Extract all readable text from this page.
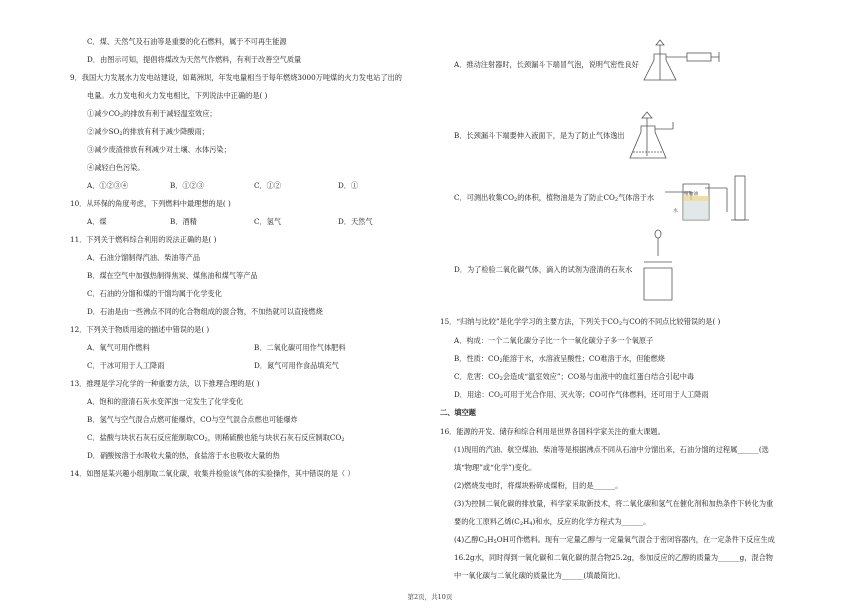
C．煤、天然气及石油等是重要的化石燃料，属于不可再生能源
D．由图示可知，提倡将煤改为天然气作燃料，有利于改善空气质量
9．我国大力发展水力发电站建设，如葛洲坝，年发电量相当于每年燃烧3000万吨煤的火力发电站了出的
电量。水力发电和火力发电相比，下列说法中正确的是( )
①减少$CO_2$的排放有利于减轻温室效应；
②减少$SO_2$的排放有利于减少降酸雨；
③减少废渣排放有利减少对土壤、水体污染；
④减轻白色污染。
A．①②③④	B．①②③	C．①②	D．①
10．从环保的角度考虑，下列燃料中最理想的是( )
A．煤	B．酒精	C．氢气	D．天然气
11．下列关于燃料综合利用的说法正确的是( )
A．石油分馏制得汽油、柴油等产品
B．煤在空气中加强热制得焦炭、煤焦油和煤气等产品
C．石油的分馏和煤的干馏均属于化学变化
D．石油是由一些沸点不同的化合物组成的混合物，不加热就可以直接燃烧
12．下列关于物质用途的描述中错误的是( )
A．氧气可用作燃料	B．二氧化碳可用作气体肥料
C．干冰可用于人工降雨	D．氮气可用作食品填充气
13．推理是学习化学的一种重要方法，以下推理合理的是( )
A．饱和的澄清石灰水变浑浊一定发生了化学变化
B．氢气与空气混合点燃可能爆炸，CO与空气混合点燃也可能爆炸
C．盐酸与块状石灰石反应能制取$CO_2$，则稀硫酸也能与块状石灰石反应制取$CO_2$
D．硝酸铵溶于水吸收大量的热，食盐溶于水也吸收大量的热
14．如图是某兴趣小组制取二氧化碳，收集并检验该气体的实验操作，其中错误的是（ ）
A．推动注射器时，长颈漏斗下端冒气泡，说明气密性良好
B．长颈漏斗下端要伸入液面下，是为了防止气体逸出
C．可测出收集$CO_2$的体积，植物油是为了防止$CO_2$气体溶于水
D．为了检验二氧化碳气体，滴入的试剂为澄清的石灰水
15．“归纳与比较”是化学学习的主要方法，下列关于$CO_2$与CO的不同点比较错误的是( )
A．构成：一个二氧化碳分子比一个一氧化碳分子多一个氧原子
B．性质：$CO_2$能溶于水，水溶液呈酸性；CO难溶于水，但能燃烧
C．危害：$CO_2$会造成“温室效应”；CO易与血液中的血红蛋白结合引起中毒
D．用途：$CO_2$可用于光合作用、灭火等；CO可作气体燃料，还可用于人工降雨
二、填空题
16．能源的开发、储存和综合利用是世界各国科学家关注的重大课题。
(1)现用的汽油、航空煤油、柴油等是根据沸点不同从石油中分馏出来，石油分馏的过程属______(选
填“物理”或“化学”)变化。
(2)燃烧发电时，将煤块粉碎成煤粉，目的是______。
(3)为控制二氧化碳的排放量，科学家采取新技术，将二氧化碳和氢气在催化剂和加热条件下转化为重
要的化工原料乙烯$(C_2H_4)$和水，反应的化学方程式为______。
(4)乙醇$C_2H_5OH$可作燃料。现有一定量乙醇与一定量氧气混合于密闭容器内，在一定条件下反应生成
16.2g水，同时得到一氧化碳和二氧化碳的混合物25.2g，参加反应的乙醇的质量为______g，混合物
中一氧化碳与二氧化碳的质量比为______(填最简比)。
植物油
水
第2页，共10页
